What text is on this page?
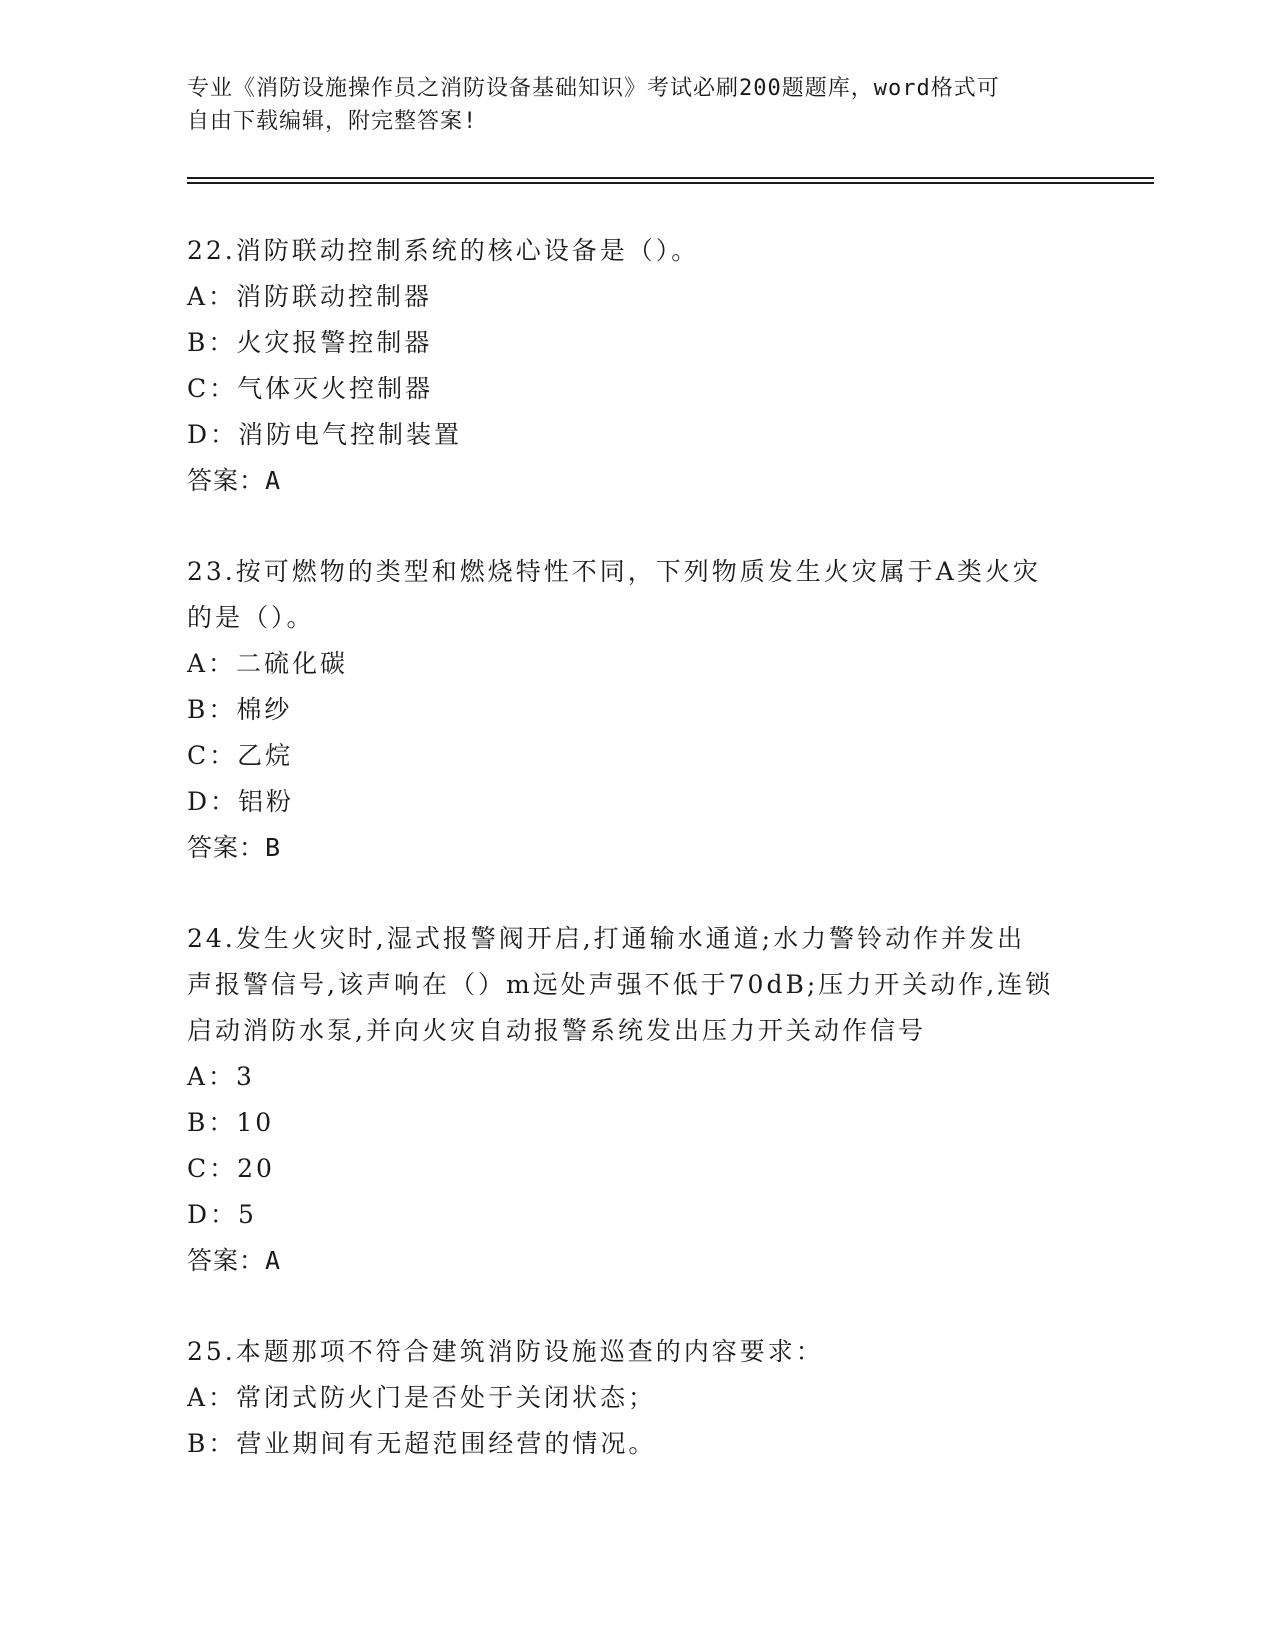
专业《消防设施操作员之消防设备基础知识》考试必刷200题题库，word格式可
自由下载编辑，附完整答案!
22.消防联动控制系统的核心设备是（）。
A：消防联动控制器
B：火灾报警控制器
C：气体灭火控制器
D：消防电气控制装置
答案：A
23.按可燃物的类型和燃烧特性不同，下列物质发生火灾属于A类火灾
的是（）。
A：二硫化碳
B：棉纱
C：乙烷
D：铝粉
答案：B
24.发生火灾时,湿式报警阀开启,打通输水通道;水力警铃动作并发出
声报警信号,该声响在（）m远处声强不低于70dB;压力开关动作,连锁
启动消防水泵,并向火灾自动报警系统发出压力开关动作信号
A：3
B：10
C：20
D：5
答案：A
25.本题那项不符合建筑消防设施巡查的内容要求：
A：常闭式防火门是否处于关闭状态；
B：营业期间有无超范围经营的情况。
